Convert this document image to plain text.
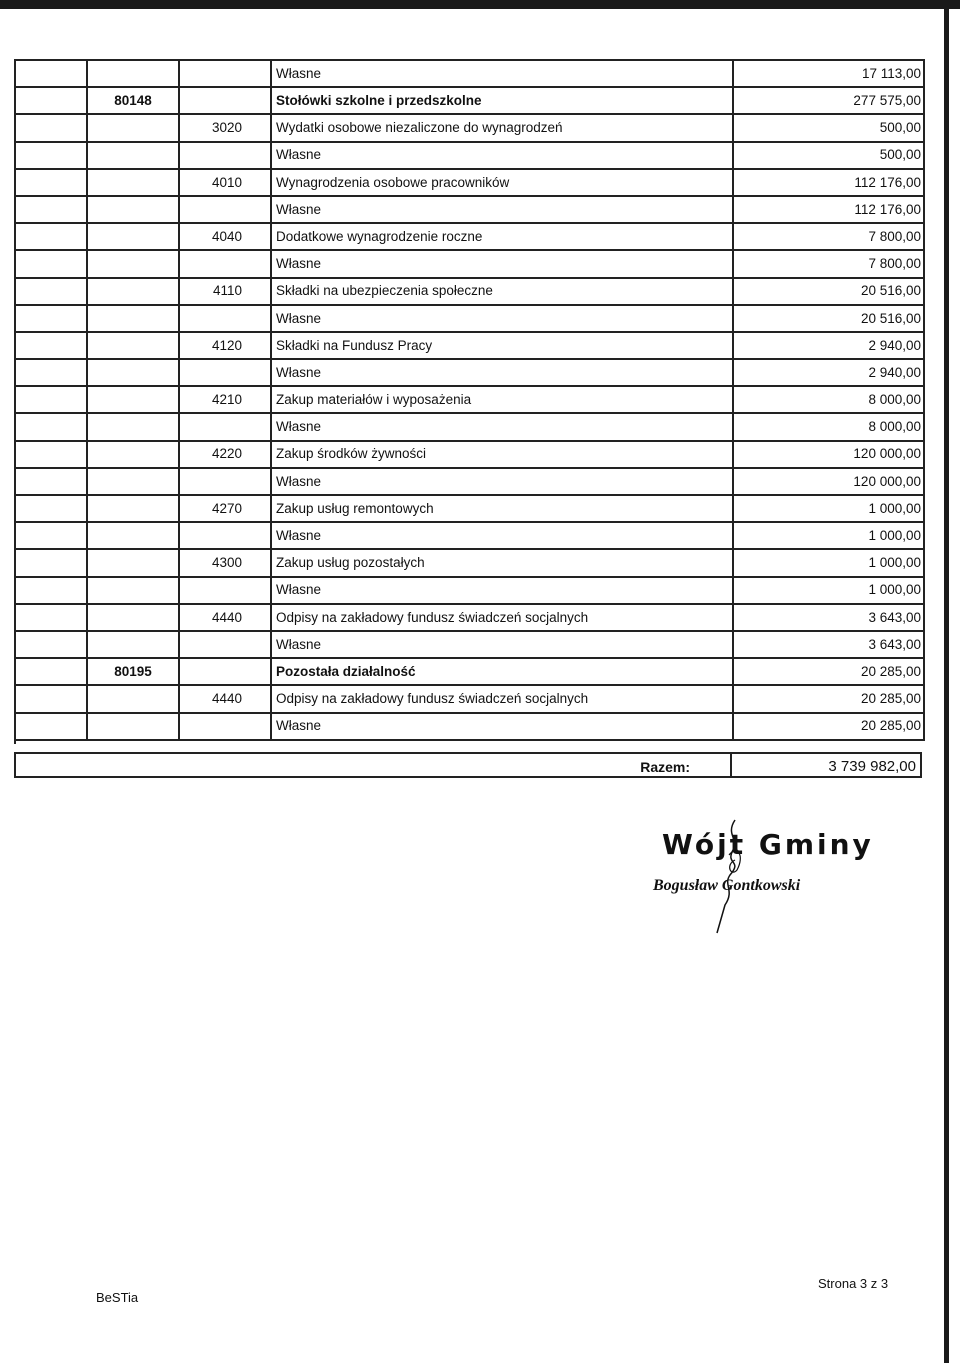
			Własne	17 113,00
	80148		Stołówki szkolne i przedszkolne	277 575,00
		3020	Wydatki osobowe niezaliczone do wynagrodzeń	500,00
			Własne	500,00
		4010	Wynagrodzenia osobowe pracowników	112 176,00
			Własne	112 176,00
		4040	Dodatkowe wynagrodzenie roczne	7 800,00
			Własne	7 800,00
		4110	Składki na ubezpieczenia społeczne	20 516,00
			Własne	20 516,00
		4120	Składki na Fundusz Pracy	2 940,00
			Własne	2 940,00
		4210	Zakup materiałów i wyposażenia	8 000,00
			Własne	8 000,00
		4220	Zakup środków żywności	120 000,00
			Własne	120 000,00
		4270	Zakup usług remontowych	1 000,00
			Własne	1 000,00
		4300	Zakup usług pozostałych	1 000,00
			Własne	1 000,00
		4440	Odpisy na zakładowy fundusz świadczeń socjalnych	3 643,00
			Własne	3 643,00
	80195		Pozostała działalność	20 285,00
		4440	Odpisy na zakładowy fundusz świadczeń socjalnych	20 285,00
			Własne	20 285,00
Razem:	3 739 982,00
Wójt Gminy
Bogusław Gontkowski
BeSTia
Strona 3 z 3
